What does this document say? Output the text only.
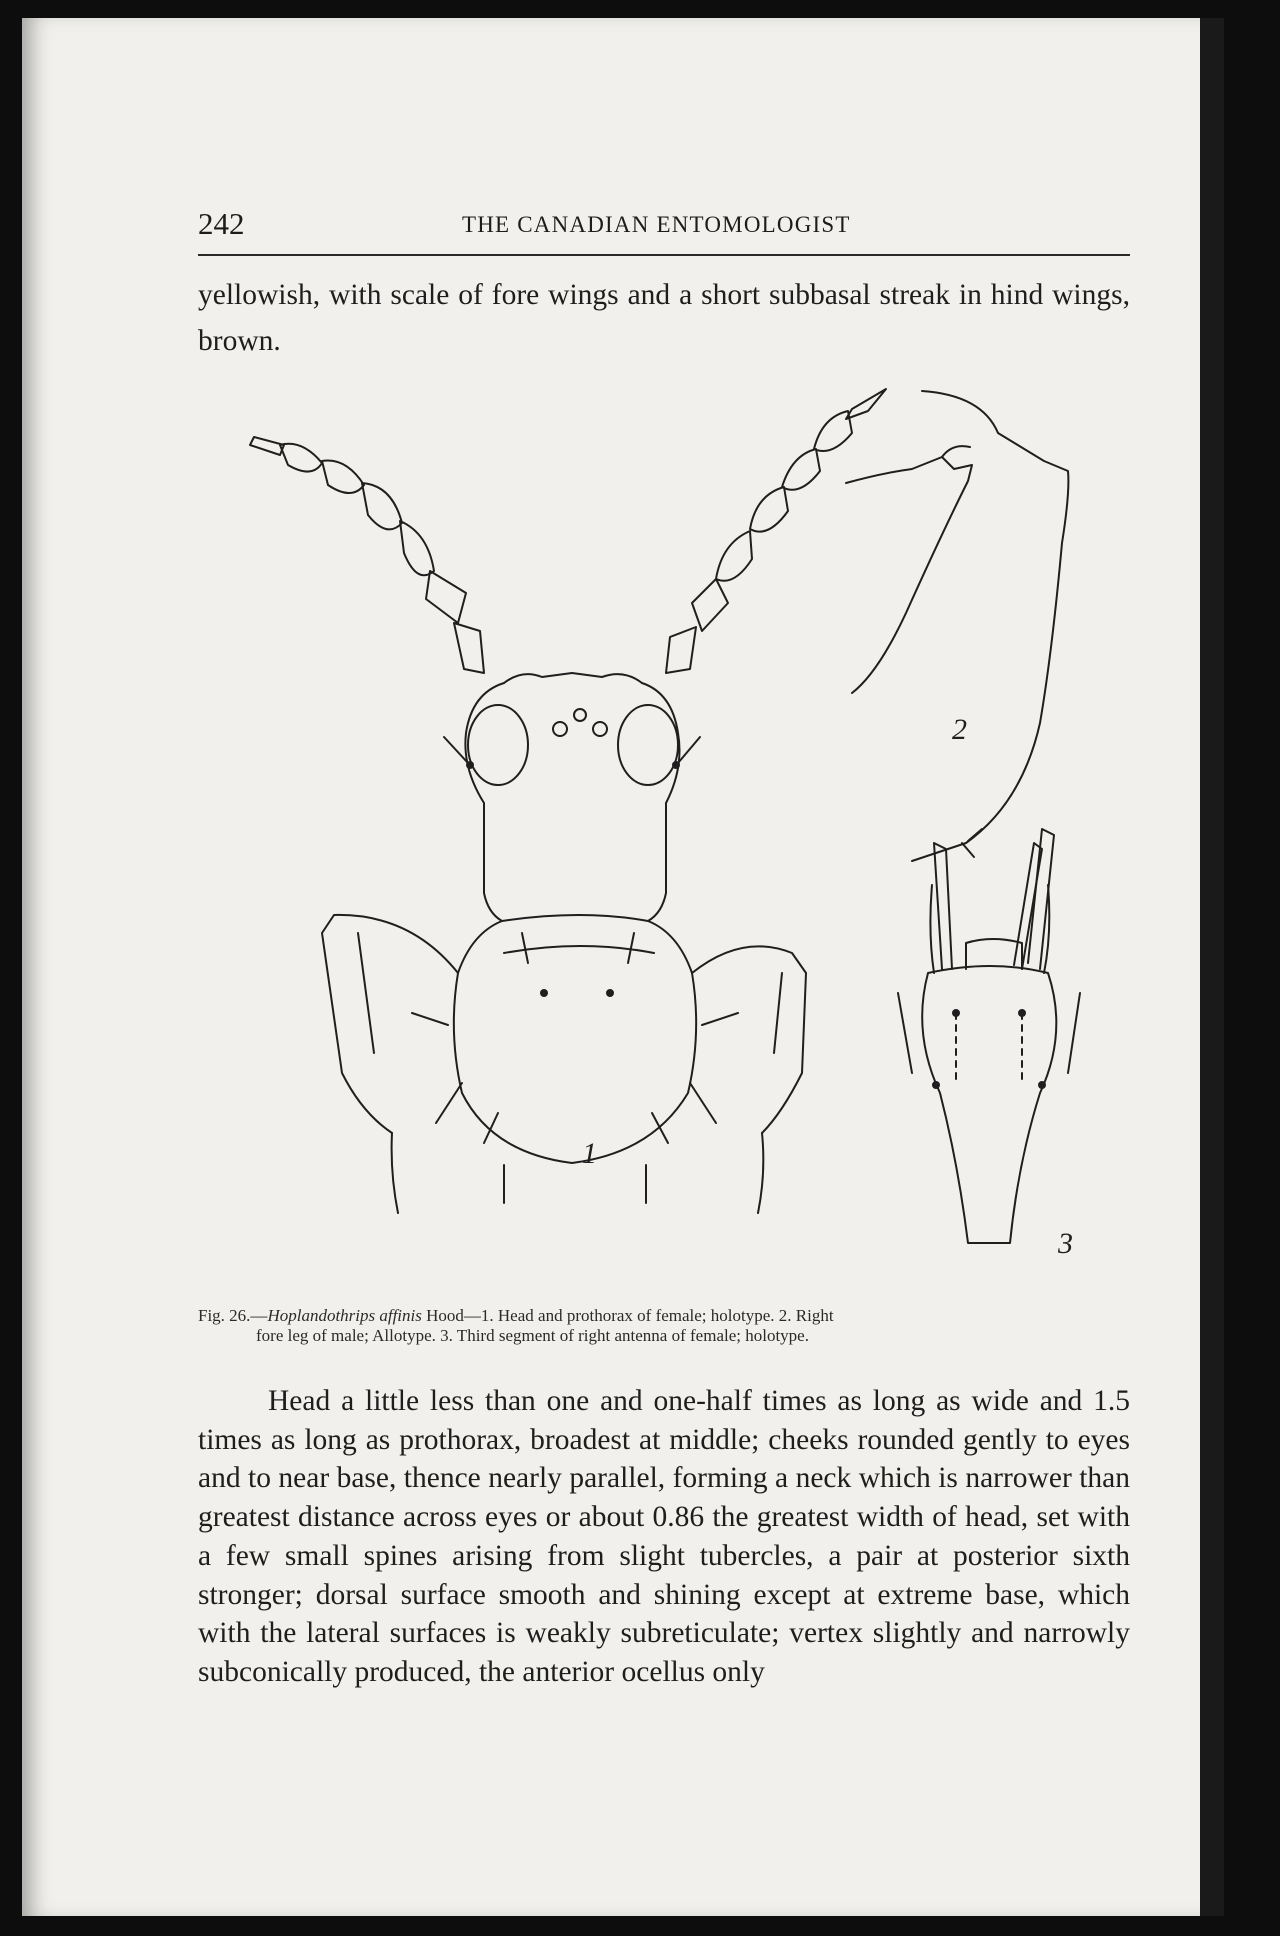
242	THE CANADIAN ENTOMOLOGIST

yellowish, with scale of fore wings and a short subbasal streak in hind wings, brown.

1
2
3
Fig. 26.—Hoplandothrips affinis Hood—1. Head and prothorax of female; holotype. 2. Right
fore leg of male; Allotype. 3. Third segment of right antenna of female; holotype.

Head a little less than one and one-half times as long as wide and 1.5 times as long as prothorax, broadest at middle; cheeks rounded gently to eyes and to near base, thence nearly parallel, forming a neck which is narrower than greatest distance across eyes or about 0.86 the greatest width of head, set with a few small spines arising from slight tubercles, a pair at posterior sixth stronger; dorsal surface smooth and shining except at extreme base, which with the lateral surfaces is weakly subreticulate; vertex slightly and narrowly subconically produced, the anterior ocellus only
